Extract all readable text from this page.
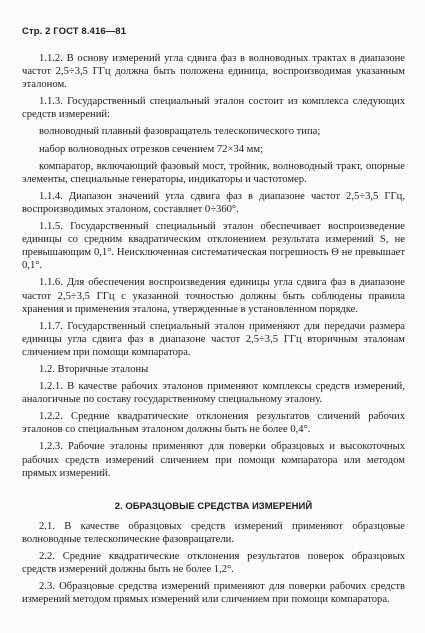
Стр. 2 ГОСТ 8.416—81

1.1.2. В основу измерений угла сдвига фаз в волноводных трактах в диапазоне частот 2,5÷3,5 ГГц должна быть положена единица, воспроизводимая указанным эталоном.

1.1.3. Государственный специальный эталон состоит из комплекса следующих средств измерений:

волноводный плавный фазовращатель телескопического типа;

набор волноводных отрезков сечением 72×34 мм;

компаратор, включающий фазовый мост, тройник, волноводный тракт, опорные элементы, специальные генераторы, индикаторы и частотомер.

1.1.4. Диапазон значений угла сдвига фаз в диапазоне частот 2,5÷3,5 ГГц, воспроизводимых эталоном, составляет 0÷360°.

1.1.5. Государственный специальный эталон обеспечивает воспроизведение единицы со средним квадратическим отклонением результата измерений S, не превышающим 0,1°. Неисключенная систематическая погрешность Θ не превышает 0,1°.

1.1.6. Для обеспечения воспроизведения единицы угла сдвига фаз в диапазоне частот 2,5÷3,5 ГГц с указанной точностью должны быть соблюдены правила хранения и применения эталона, утвержденные в установленном порядке.

1.1.7. Государственный специальный эталон применяют для передачи размера единицы угла сдвига фаз в диапазоне частот 2,5÷3,5 ГГц вторичным эталонам сличением при помощи компаратора.

1.2. Вторичные эталоны

1.2.1. В качестве рабочих эталонов применяют комплексы средств измерений, аналогичные по составу государственному специальному эталону.

1.2.2. Средние квадратические отклонения результатов сличений рабочих эталонов со специальным эталоном должны быть не более 0,4°.

1.2.3. Рабочие эталоны применяют для поверки образцовых и высокоточных рабочих средств измерений сличением при помощи компаратора или методом прямых измерений.

2. ОБРАЗЦОВЫЕ СРЕДСТВА ИЗМЕРЕНИЙ

2.1. В качестве образцовых средств измерений применяют образцовые волноводные телескопические фазовращатели.

2.2. Средние квадратические отклонения результатов поверок образцовых средств измерений должны быть не более 1,2°.

2.3. Образцовые средства измерений применяют для поверки рабочих средств измерений методом прямых измерений или сличением при помощи компаратора.
